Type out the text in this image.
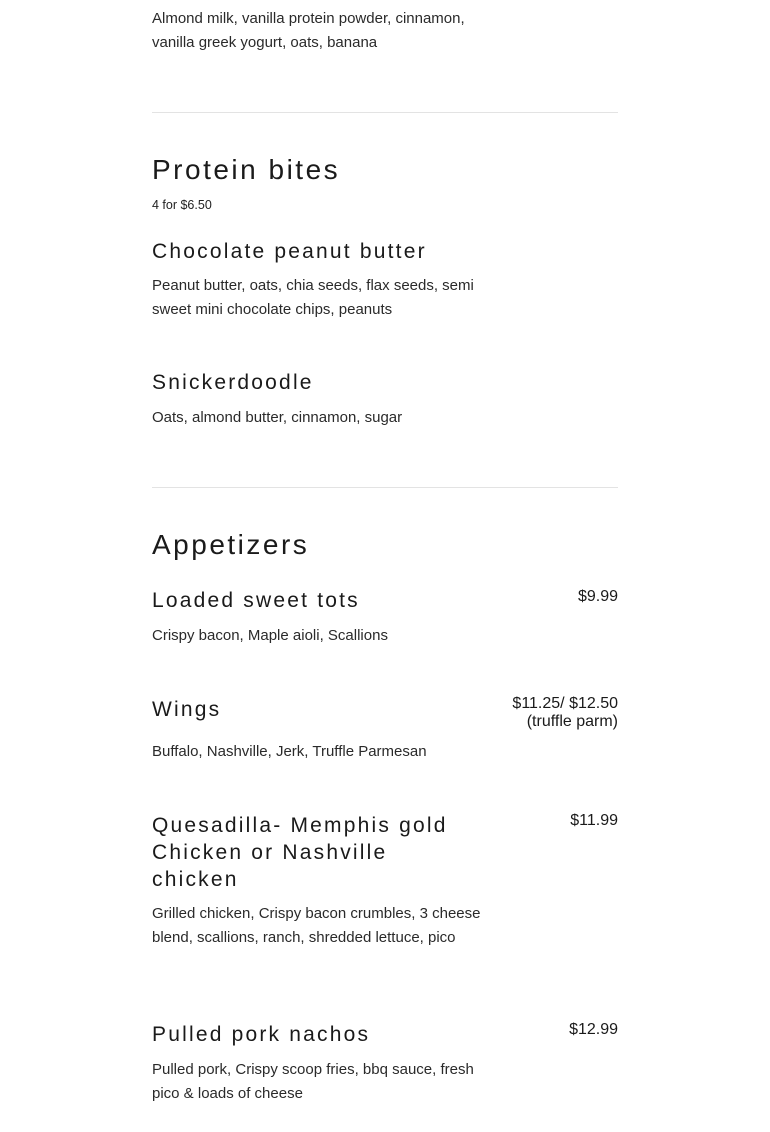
Almond milk, vanilla protein powder, cinnamon, vanilla greek yogurt, oats, banana
Protein bites
4 for $6.50
Chocolate peanut butter
Peanut butter, oats, chia seeds, flax seeds, semi sweet mini chocolate chips, peanuts
Snickerdoodle
Oats, almond butter, cinnamon, sugar
Appetizers
Loaded sweet tots	$9.99
Crispy bacon, Maple aioli, Scallions
Wings	$11.25/ $12.50
(truffle parm)
Buffalo, Nashville, Jerk, Truffle Parmesan
Quesadilla- Memphis gold Chicken or Nashville chicken
$11.99
Grilled chicken, Crispy bacon crumbles, 3 cheese blend, scallions, ranch, shredded lettuce, pico
Pulled pork nachos	$12.99
Pulled pork, Crispy scoop fries, bbq sauce, fresh pico & loads of cheese
